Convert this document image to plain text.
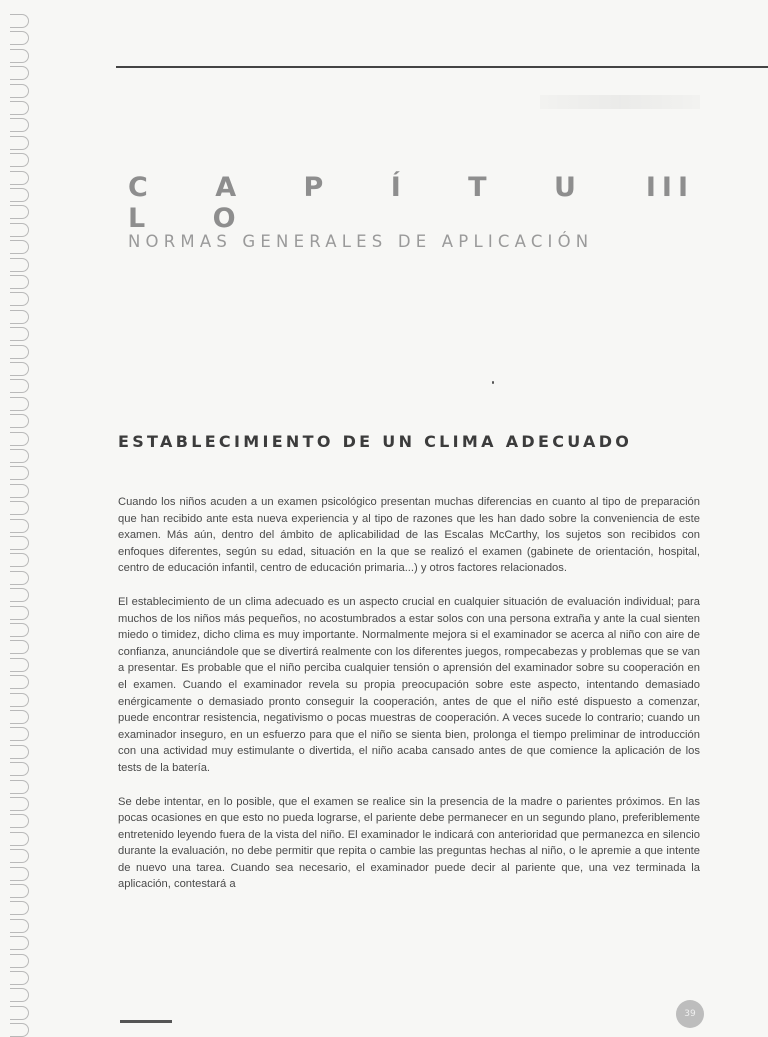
C A P Í T U L O
III
NORMAS GENERALES DE APLICACIÓN
ESTABLECIMIENTO DE UN CLIMA ADECUADO

Cuando los niños acuden a un examen psicológico presentan muchas diferencias en cuanto al tipo de preparación que han recibido ante esta nueva experiencia y al tipo de razones que les han dado sobre la conveniencia de este examen. Más aún, dentro del ámbito de aplicabilidad de las Escalas McCarthy, los sujetos son recibidos con enfoques diferentes, según su edad, situación en la que se realizó el examen (gabinete de orientación, hospital, centro de educación infantil, centro de educación primaria...) y otros factores relacionados.

El establecimiento de un clima adecuado es un aspecto crucial en cualquier situación de evaluación individual; para muchos de los niños más pequeños, no acostumbrados a estar solos con una persona extraña y ante la cual sienten miedo o timidez, dicho clima es muy importante. Normalmente mejora si el examinador se acerca al niño con aire de confianza, anunciándole que se divertirá realmente con los diferentes juegos, rompecabezas y problemas que se van a presentar. Es probable que el niño perciba cualquier tensión o aprensión del examinador sobre su cooperación en el examen. Cuando el examinador revela su propia preocupación sobre este aspecto, intentando demasiado enérgicamente o demasiado pronto conseguir la cooperación, antes de que el niño esté dispuesto a comenzar, puede encontrar resistencia, negativismo o pocas muestras de cooperación. A veces sucede lo contrario; cuando un examinador inseguro, en un esfuerzo para que el niño se sienta bien, prolonga el tiempo preliminar de introducción con una actividad muy estimulante o divertida, el niño acaba cansado antes de que comience la aplicación de los tests de la batería.

Se debe intentar, en lo posible, que el examen se realice sin la presencia de la madre o parientes próximos. En las pocas ocasiones en que esto no pueda lograrse, el pariente debe permanecer en un segundo plano, preferiblemente entretenido leyendo fuera de la vista del niño. El examinador le indicará con anterioridad que permanezca en silencio durante la evaluación, no debe permitir que repita o cambie las preguntas hechas al niño, o le apremie a que intente de nuevo una tarea. Cuando sea necesario, el examinador puede decir al pariente que, una vez terminada la aplicación, contestará a

39
